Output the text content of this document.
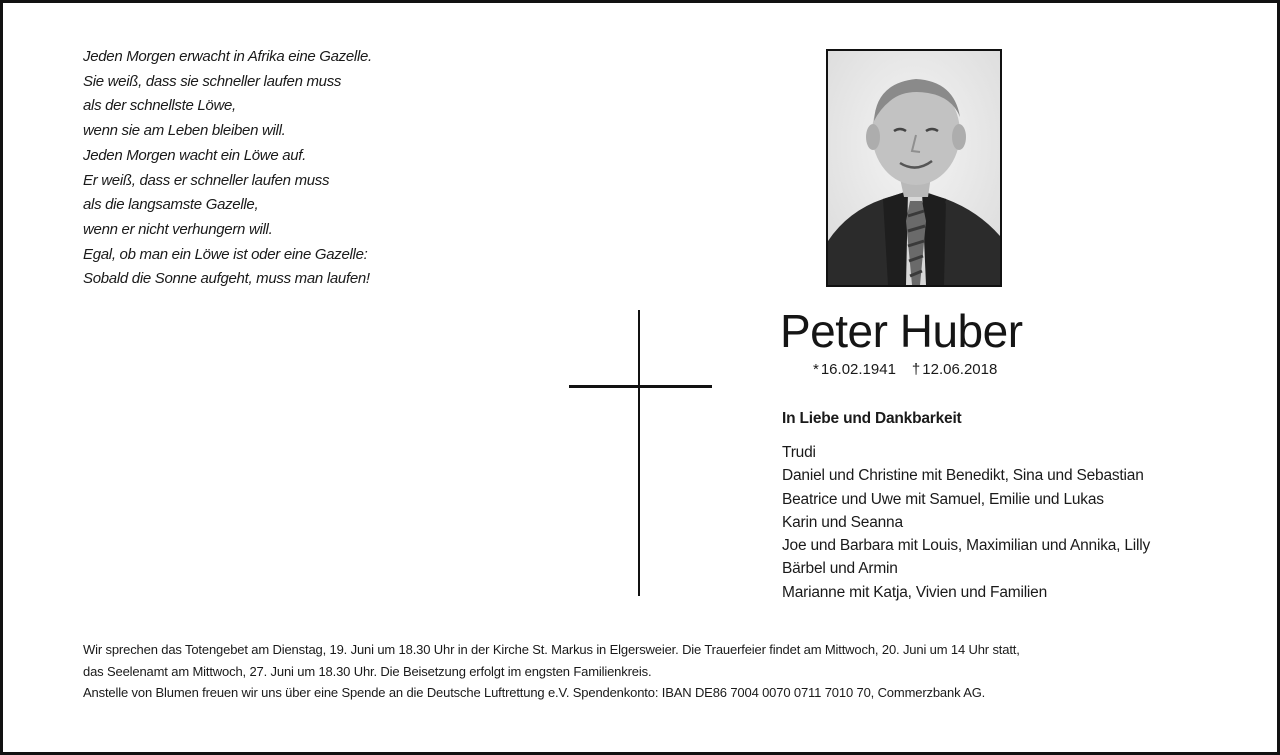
Jeden Morgen erwacht in Afrika eine Gazelle.
Sie weiß, dass sie schneller laufen muss
als der schnellste Löwe,
wenn sie am Leben bleiben will.
Jeden Morgen wacht ein Löwe auf.
Er weiß, dass er schneller laufen muss
als die langsamste Gazelle,
wenn er nicht verhungern will.
Egal, ob man ein Löwe ist oder eine Gazelle:
Sobald die Sonne aufgeht, muss man laufen!
Peter Huber
* 16.02.1941 † 12.06.2018
In Liebe und Dankbarkeit
Trudi
Daniel und Christine mit Benedikt, Sina und Sebastian
Beatrice und Uwe mit Samuel, Emilie und Lukas
Karin und Seanna
Joe und Barbara mit Louis, Maximilian und Annika, Lilly
Bärbel und Armin
Marianne mit Katja, Vivien und Familien
Wir sprechen das Totengebet am Dienstag, 19. Juni um 18.30 Uhr in der Kirche St. Markus in Elgersweier. Die Trauerfeier findet am Mittwoch, 20. Juni um 14 Uhr statt,
das Seelenamt am Mittwoch, 27. Juni um 18.30 Uhr. Die Beisetzung erfolgt im engsten Familienkreis.
Anstelle von Blumen freuen wir uns über eine Spende an die Deutsche Luftrettung e.V. Spendenkonto: IBAN DE86 7004 0070 0711 7010 70, Commerzbank AG.
